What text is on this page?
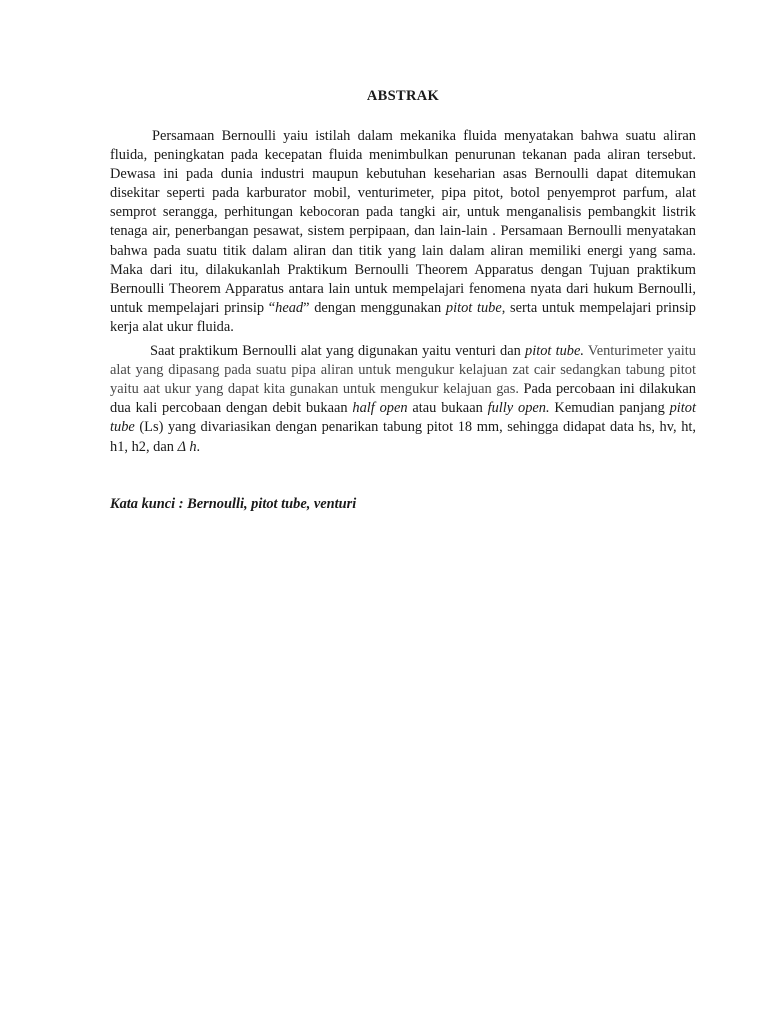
ABSTRAK

Persamaan Bernoulli yaiu istilah dalam mekanika fluida menyatakan bahwa suatu aliran fluida, peningkatan pada kecepatan fluida menimbulkan penurunan tekanan pada aliran tersebut. Dewasa ini pada dunia industri maupun kebutuhan keseharian asas Bernoulli dapat ditemukan disekitar seperti pada karburator mobil, venturimeter, pipa pitot, botol penyemprot parfum, alat semprot serangga, perhitungan kebocoran pada tangki air, untuk menganalisis pembangkit listrik tenaga air, penerbangan pesawat, sistem perpipaan, dan lain-lain . Persamaan Bernoulli menyatakan bahwa pada suatu titik dalam aliran dan titik yang lain dalam aliran memiliki energi yang sama. Maka dari itu, dilakukanlah Praktikum Bernoulli Theorem Apparatus dengan Tujuan praktikum Bernoulli Theorem Apparatus antara lain untuk mempelajari fenomena nyata dari hukum Bernoulli, untuk mempelajari prinsip “head” dengan menggunakan pitot tube, serta untuk mempelajari prinsip kerja alat ukur fluida.

Saat praktikum Bernoulli alat yang digunakan yaitu venturi dan pitot tube. Venturimeter yaitu alat yang dipasang pada suatu pipa aliran untuk mengukur kelajuan zat cair sedangkan tabung pitot yaitu aat ukur yang dapat kita gunakan untuk mengukur kelajuan gas. Pada percobaan ini dilakukan dua kali percobaan dengan debit bukaan half open atau bukaan fully open. Kemudian panjang pitot tube (Ls) yang divariasikan dengan penarikan tabung pitot 18 mm, sehingga didapat data hs, hv, ht, h1, h2, dan Δ h.

Kata kunci : Bernoulli, pitot tube, venturi
